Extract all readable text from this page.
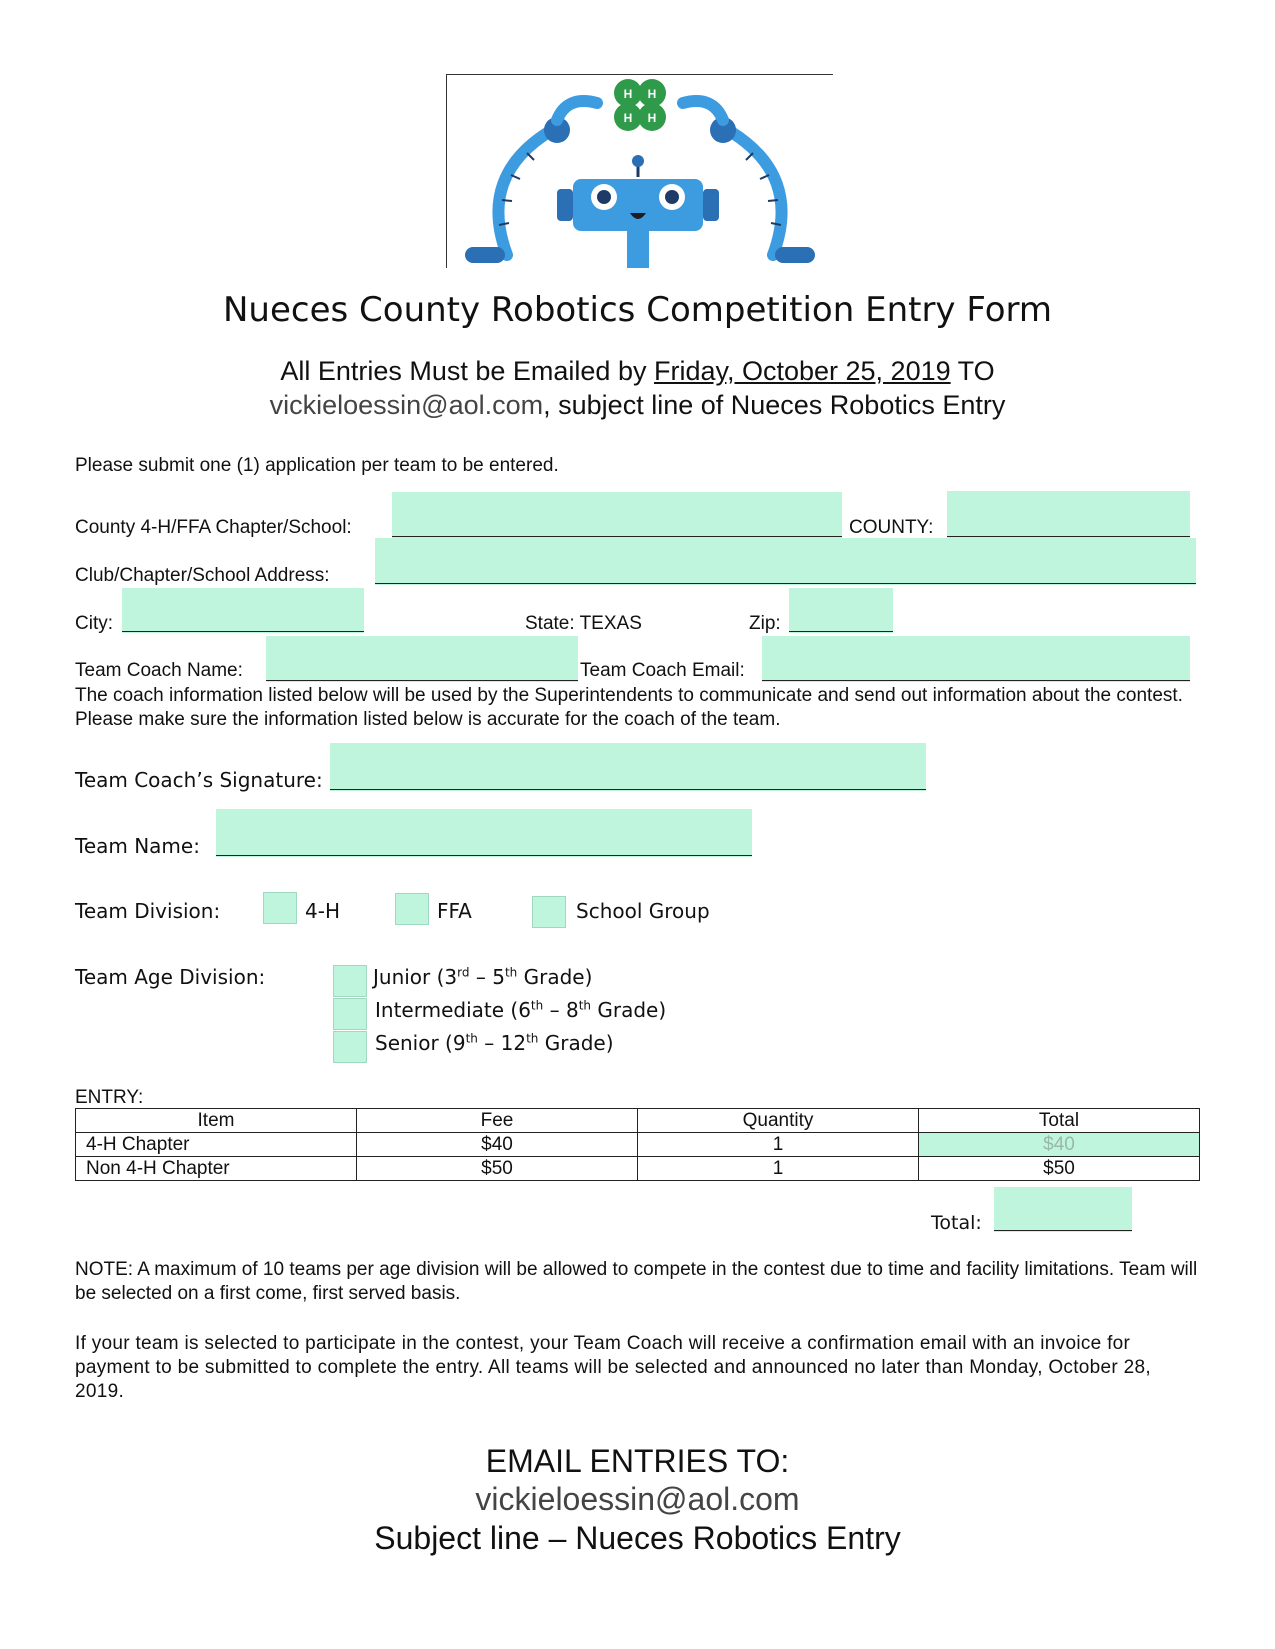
H H
H H
Nueces County Robotics Competition Entry Form
All Entries Must be Emailed by Friday, October 25, 2019 TO
vickieloessin@aol.com, subject line of Nueces Robotics Entry
Please submit one (1) application per team to be entered.
County 4-H/FFA Chapter/School:	COUNTY:
Club/Chapter/School Address:
City:	State: TEXAS	Zip:
Team Coach Name:	Team Coach Email:
The coach information listed below will be used by the Superintendents to communicate and send out information about the contest. Please make sure the information listed below is accurate for the coach of the team.
Team Coach’s Signature:
Team Name:
Team Division:	4-H	FFA	School Group
Team Age Division:	Junior (3rd – 5th Grade)
Intermediate (6th – 8th Grade)
Senior (9th – 12th Grade)
ENTRY:
Item	Fee	Quantity	Total
4-H Chapter	$40	1	$40
Non 4-H Chapter	$50	1	$50
Total:
NOTE: A maximum of 10 teams per age division will be allowed to compete in the contest due to time and facility limitations. Team will be selected on a first come, first served basis.
If your team is selected to participate in the contest, your Team Coach will receive a confirmation email with an invoice for payment to be submitted to complete the entry. All teams will be selected and announced no later than Monday, October 28, 2019.
EMAIL ENTRIES TO:
vickieloessin@aol.com
Subject line – Nueces Robotics Entry
